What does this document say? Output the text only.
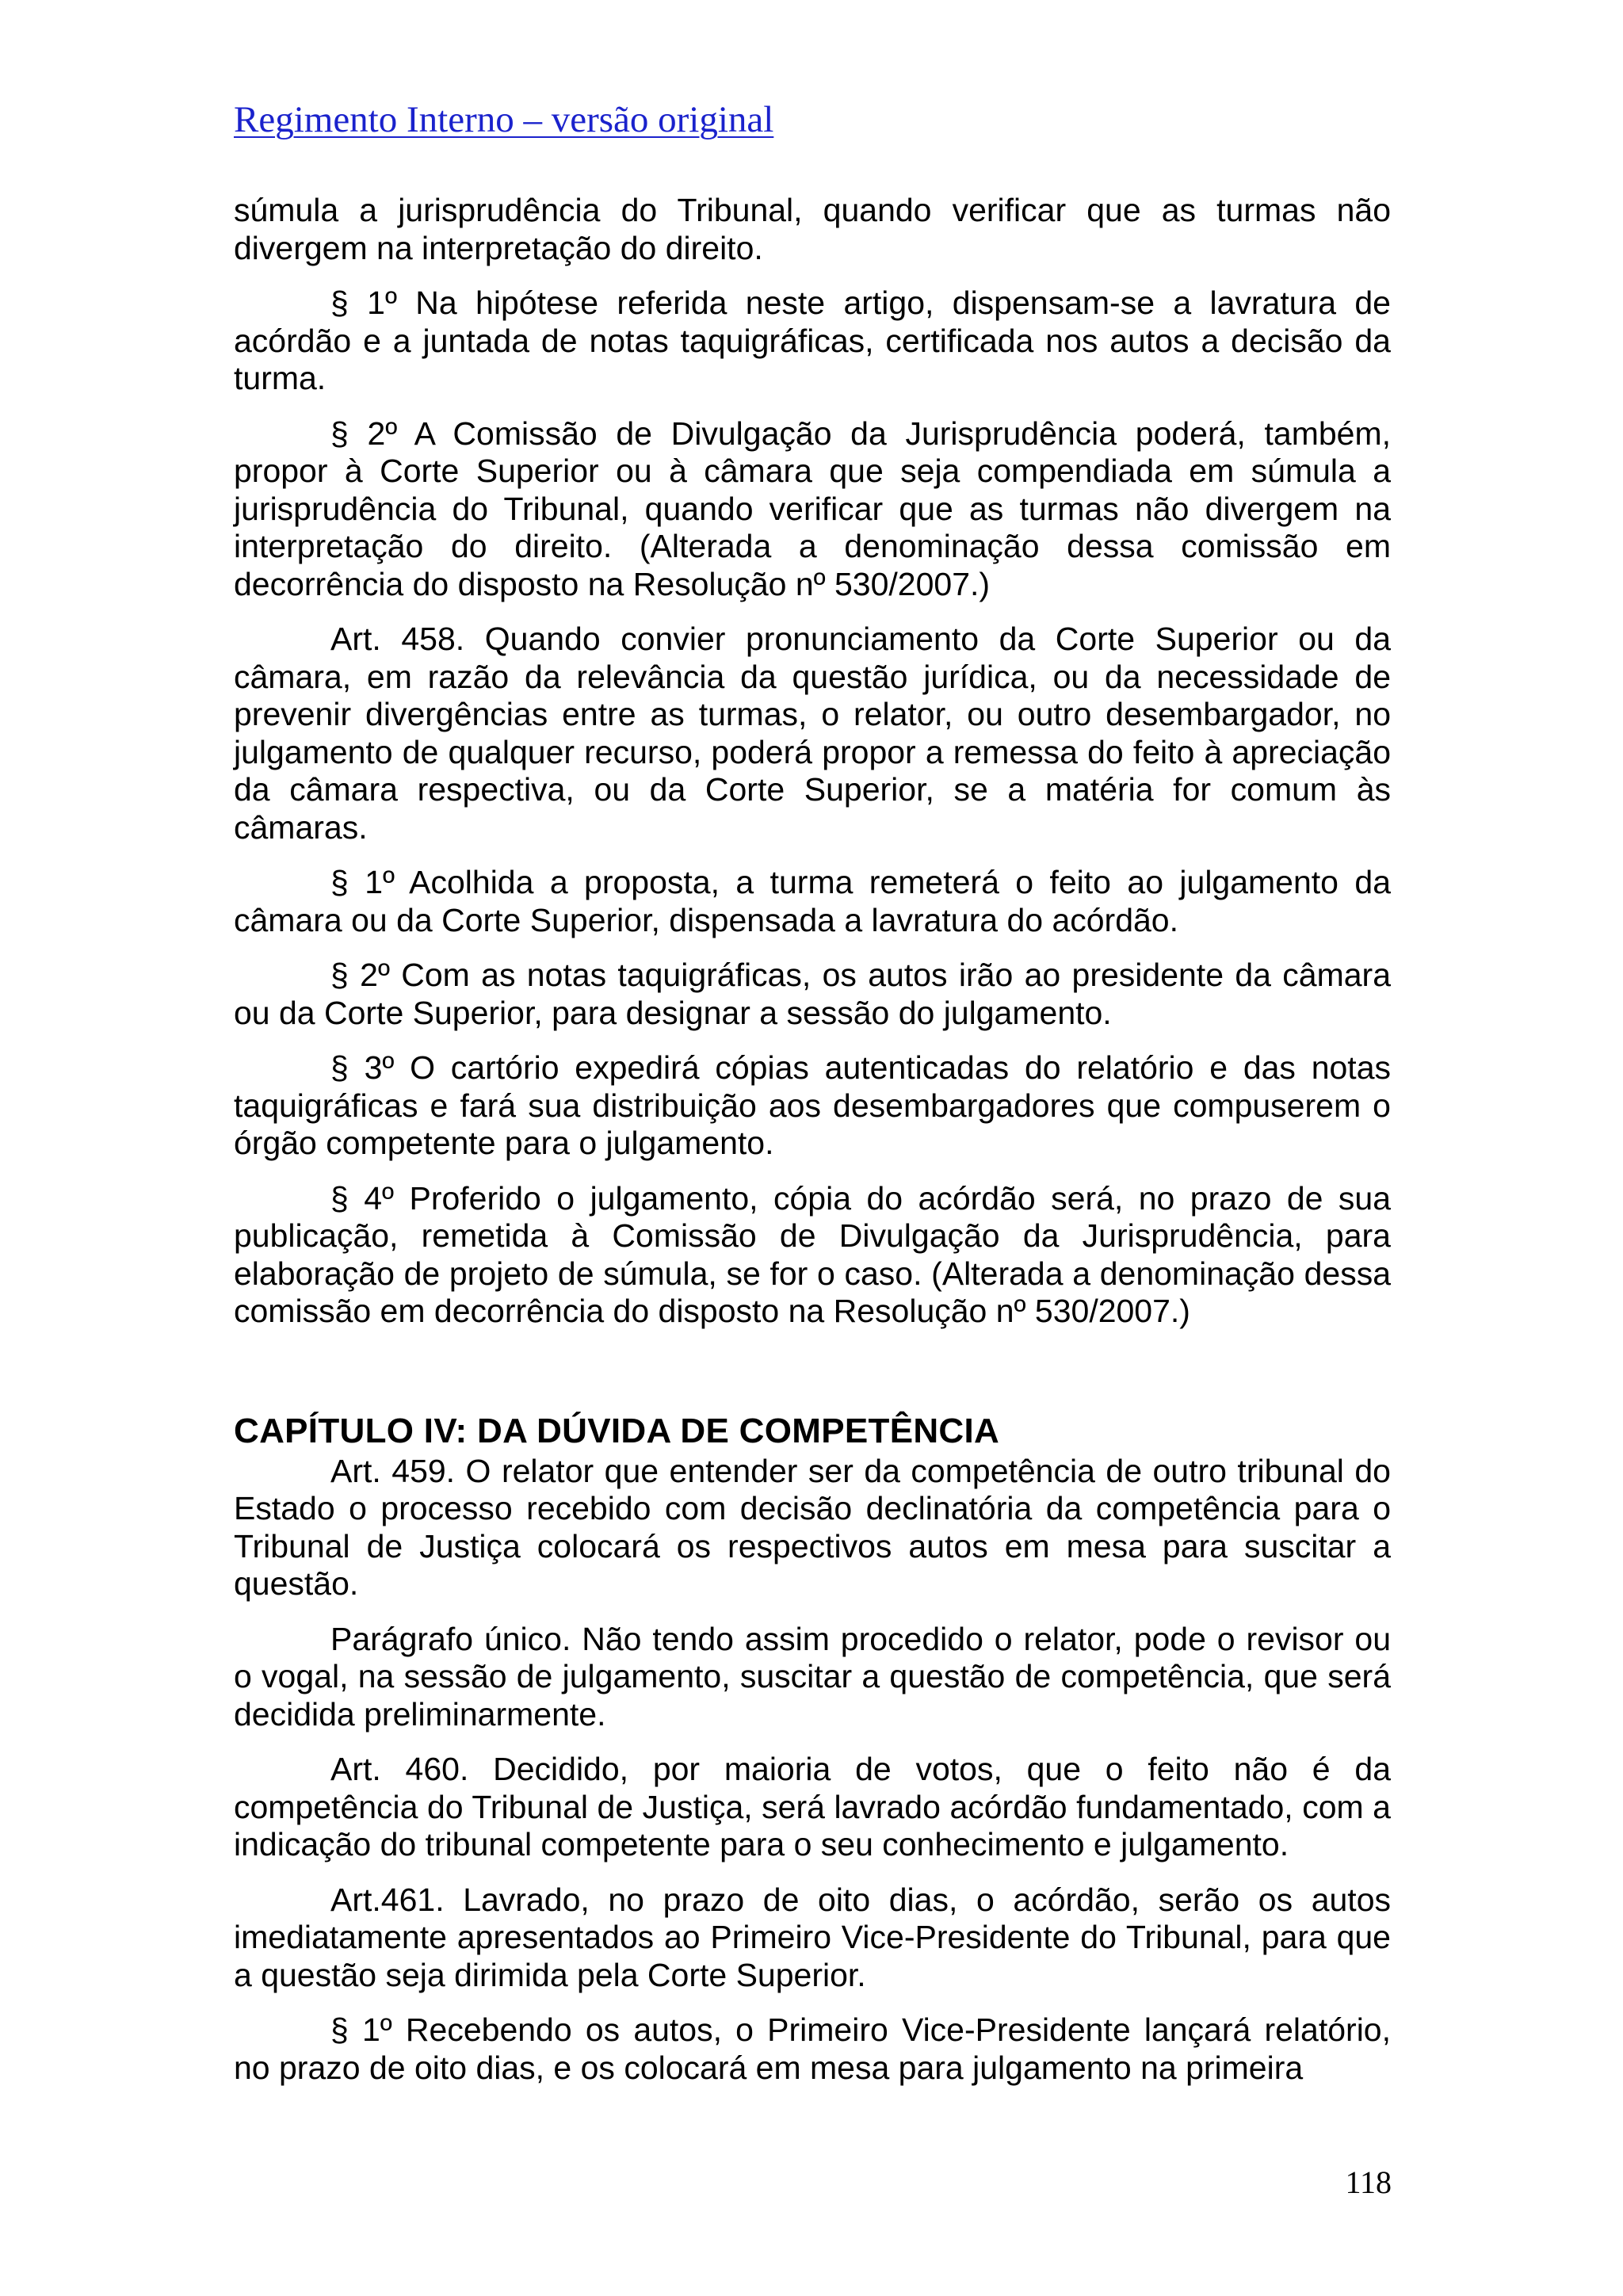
Regimento Interno – versão original

súmula a jurisprudência do Tribunal, quando verificar que as turmas não divergem na interpretação do direito.

§ 1º Na hipótese referida neste artigo, dispensam-se a lavratura de acórdão e a juntada de notas taquigráficas, certificada nos autos a decisão da turma.

§ 2º A Comissão de Divulgação da Jurisprudência poderá, também, propor à Corte Superior ou à câmara que seja compendiada em súmula a jurisprudência do Tribunal, quando verificar que as turmas não divergem na interpretação do direito. (Alterada a denominação dessa comissão em decorrência do disposto na Resolução nº 530/2007.)

Art. 458. Quando convier pronunciamento da Corte Superior ou da câmara, em razão da relevância da questão jurídica, ou da necessidade de prevenir divergências entre as turmas, o relator, ou outro desembargador, no julgamento de qualquer recurso, poderá propor a remessa do feito à apreciação da câmara respectiva, ou da Corte Superior, se a matéria for comum às câmaras.

§ 1º Acolhida a proposta, a turma remeterá o feito ao julgamento da câmara ou da Corte Superior, dispensada a lavratura do acórdão.

§ 2º Com as notas taquigráficas, os autos irão ao presidente da câmara ou da Corte Superior, para designar a sessão do julgamento.

§ 3º O cartório expedirá cópias autenticadas do relatório e das notas taquigráficas e fará sua distribuição aos desembargadores que compuserem o órgão competente para o julgamento.

§ 4º Proferido o julgamento, cópia do acórdão será, no prazo de sua publicação, remetida à Comissão de Divulgação da Jurisprudência, para elaboração de projeto de súmula, se for o caso. (Alterada a denominação dessa comissão em decorrência do disposto na Resolução nº 530/2007.)

CAPÍTULO IV: DA DÚVIDA DE COMPETÊNCIA

Art. 459. O relator que entender ser da competência de outro tribunal do Estado o processo recebido com decisão declinatória da competência para o Tribunal de Justiça colocará os respectivos autos em mesa para suscitar a questão.

Parágrafo único. Não tendo assim procedido o relator, pode o revisor ou o vogal, na sessão de julgamento, suscitar a questão de competência, que será decidida preliminarmente.

Art. 460. Decidido, por maioria de votos, que o feito não é da competência do Tribunal de Justiça, será lavrado acórdão fundamentado, com a indicação do tribunal competente para o seu conhecimento e julgamento.

Art.461. Lavrado, no prazo de oito dias, o acórdão, serão os autos imediatamente apresentados ao Primeiro Vice-Presidente do Tribunal, para que a questão seja dirimida pela Corte Superior.

§ 1º Recebendo os autos, o Primeiro Vice-Presidente lançará relatório, no prazo de oito dias, e os colocará em mesa para julgamento na primeira

118
